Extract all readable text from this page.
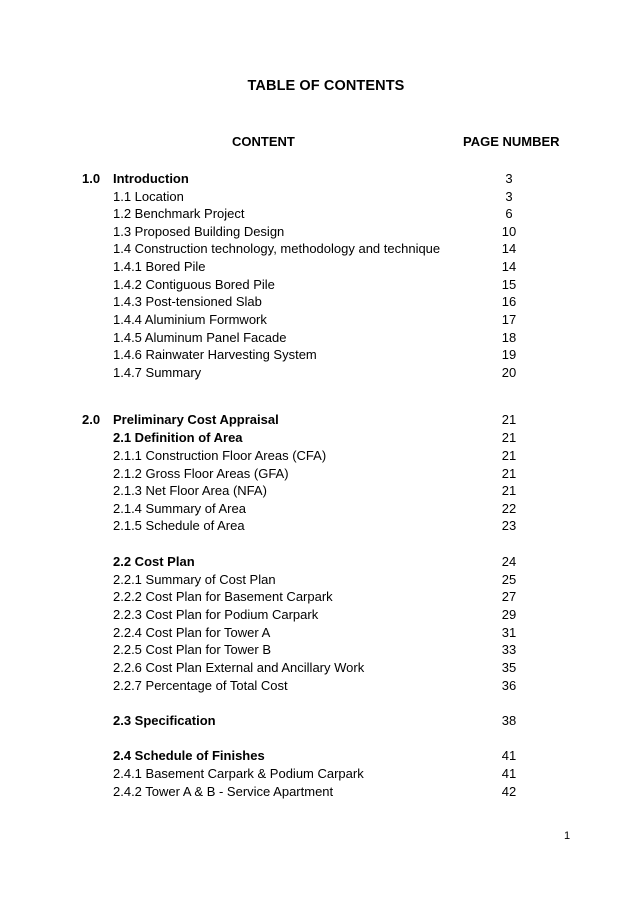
TABLE OF CONTENTS
CONTENT	PAGE NUMBER
1.0 Introduction	3
1.1 Location	3
1.2 Benchmark Project	6
1.3 Proposed Building Design	10
1.4 Construction technology, methodology and technique	14
1.4.1 Bored Pile	14
1.4.2 Contiguous Bored Pile	15
1.4.3 Post-tensioned Slab	16
1.4.4 Aluminium Formwork	17
1.4.5 Aluminum Panel Facade	18
1.4.6 Rainwater Harvesting System	19
1.4.7 Summary	20
2.0 Preliminary Cost Appraisal	21
2.1 Definition of Area	21
2.1.1 Construction Floor Areas (CFA)	21
2.1.2 Gross Floor Areas (GFA)	21
2.1.3 Net Floor Area (NFA)	21
2.1.4 Summary of Area	22
2.1.5 Schedule of Area	23
2.2 Cost Plan	24
2.2.1 Summary of Cost Plan	25
2.2.2 Cost Plan for Basement Carpark	27
2.2.3 Cost Plan for Podium Carpark	29
2.2.4 Cost Plan for Tower A	31
2.2.5 Cost Plan for Tower B	33
2.2.6 Cost Plan External and Ancillary Work	35
2.2.7 Percentage of Total Cost	36
2.3 Specification	38
2.4 Schedule of Finishes	41
2.4.1 Basement Carpark & Podium Carpark	41
2.4.2 Tower A & B - Service Apartment	42
1
